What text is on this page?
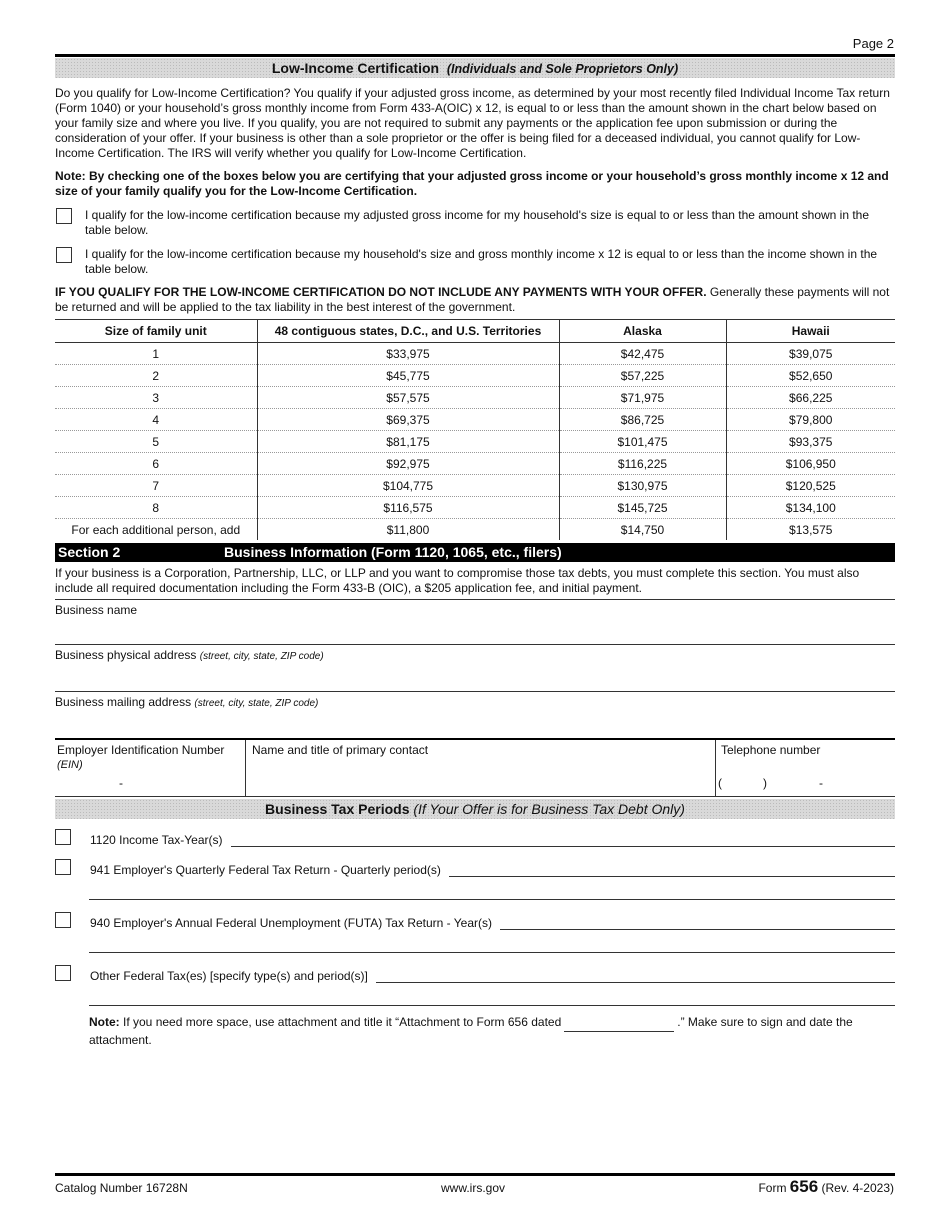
Page 2
Low-Income Certification (Individuals and Sole Proprietors Only)

Do you qualify for Low-Income Certification? You qualify if your adjusted gross income, as determined by your most recently filed Individual Income Tax return (Form 1040) or your household’s gross monthly income from Form 433-A(OIC) x 12, is equal to or less than the amount shown in the chart below based on your family size and where you live. If you qualify, you are not required to submit any payments or the application fee upon submission or during the consideration of your offer. If your business is other than a sole proprietor or the offer is being filed for a deceased individual, you cannot qualify for Low-Income Certification. The IRS will verify whether you qualify for Low-Income Certification.

Note: By checking one of the boxes below you are certifying that your adjusted gross income or your household’s gross monthly income x 12 and size of your family qualify you for the Low-Income Certification.

I qualify for the low-income certification because my adjusted gross income for my household's size is equal to or less than the amount shown in the table below.

I qualify for the low-income certification because my household's size and gross monthly income x 12 is equal to or less than the income shown in the table below.

IF YOU QUALIFY FOR THE LOW-INCOME CERTIFICATION DO NOT INCLUDE ANY PAYMENTS WITH YOUR OFFER. Generally these payments will not be returned and will be applied to the tax liability in the best interest of the government.

Size of family unit	48 contiguous states, D.C., and U.S. Territories	Alaska	Hawaii
1	$33,975	$42,475	$39,075
2	$45,775	$57,225	$52,650
3	$57,575	$71,975	$66,225
4	$69,375	$86,725	$79,800
5	$81,175	$101,475	$93,375
6	$92,975	$116,225	$106,950
7	$104,775	$130,975	$120,525
8	$116,575	$145,725	$134,100
For each additional person, add	$11,800	$14,750	$13,575
Section 2	Business Information (Form 1120, 1065, etc., filers)

If your business is a Corporation, Partnership, LLC, or LLP and you want to compromise those tax debts, you must complete this section. You must also include all required documentation including the Form 433-B (OIC), a $205 application fee, and initial payment.

Business name
Business physical address (street, city, state, ZIP code)
Business mailing address (street, city, state, ZIP code)
Employer Identification Number
(EIN)
-
Name and title of primary contact	Telephone number
(	)	-
Business Tax Periods (If Your Offer is for Business Tax Debt Only)
1120 Income Tax-Year(s)
941 Employer's Quarterly Federal Tax Return - Quarterly period(s)
940 Employer's Annual Federal Unemployment (FUTA) Tax Return - Year(s)
Other Federal Tax(es) [specify type(s) and period(s)]
Note: If you need more space, use attachment and title it “Attachment to Form 656 dated	.” Make sure to sign and date the
attachment.
Catalog Number 16728N	www.irs.gov	Form 656 (Rev. 4-2023)
